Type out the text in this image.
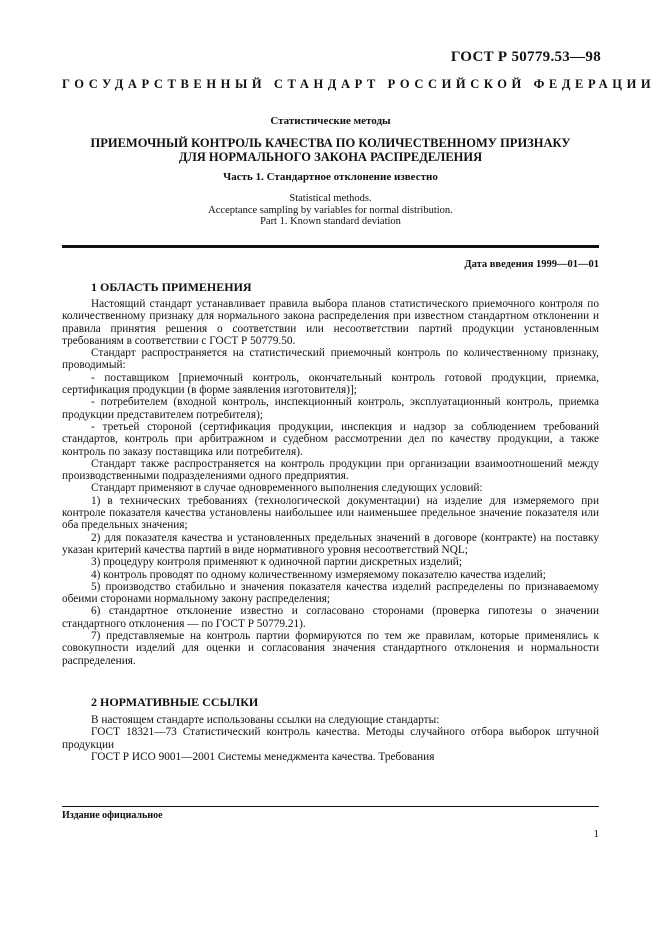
ГОСТ Р 50779.53—98
ГОСУДАРСТВЕННЫЙ СТАНДАРТ РОССИЙСКОЙ ФЕДЕРАЦИИ
Статистические методы
ПРИЕМОЧНЫЙ КОНТРОЛЬ КАЧЕСТВА ПО КОЛИЧЕСТВЕННОМУ ПРИЗНАКУ
ДЛЯ НОРМАЛЬНОГО ЗАКОНА РАСПРЕДЕЛЕНИЯ
Часть 1. Стандартное отклонение известно
Statistical methods.
Acceptance sampling by variables for normal distribution.
Part 1. Known standard deviation
Дата введения 1999—01—01
1 ОБЛАСТЬ ПРИМЕНЕНИЯ

Настоящий стандарт устанавливает правила выбора планов статистического приемочного контроля по количественному признаку для нормального закона распределения при известном стандартном отклонении и правила принятия решения о соответствии или несоответствии партий продукции установленным требованиям в соответствии с ГОСТ Р 50779.50.

Стандарт распространяется на статистический приемочный контроль по количественному признаку, проводимый:

- поставщиком [приемочный контроль, окончательный контроль готовой продукции, приемка, сертификация продукции (в форме заявления изготовителя)];

- потребителем (входной контроль, инспекционный контроль, эксплуатационный контроль, приемка продукции представителем потребителя);

- третьей стороной (сертификация продукции, инспекция и надзор за соблюдением требований стандартов, контроль при арбитражном и судебном рассмотрении дел по качеству продукции, а также контроль по заказу поставщика или потребителя).

Стандарт также распространяется на контроль продукции при организации взаимоотношений между производственными подразделениями одного предприятия.

Стандарт применяют в случае одновременного выполнения следующих условий:

1) в технических требованиях (технологической документации) на изделие для измеряемого при контроле показателя качества установлены наибольшее или наименьшее предельное значение показателя или оба предельных значения;

2) для показателя качества и установленных предельных значений в договоре (контракте) на поставку указан критерий качества партий в виде нормативного уровня несоответствий NQL;

3) процедуру контроля применяют к одиночной партии дискретных изделий;

4) контроль проводят по одному количественному измеряемому показателю качества изделий;

5) производство стабильно и значения показателя качества изделий распределены по признаваемому обеими сторонами нормальному закону распределения;

6) стандартное отклонение известно и согласовано сторонами (проверка гипотезы о значении стандартного отклонения — по ГОСТ Р 50779.21).

7) представляемые на контроль партии формируются по тем же правилам, которые применялись к совокупности изделий для оценки и согласования значения стандартного отклонения и нормальности распределения.

2 НОРМАТИВНЫЕ ССЫЛКИ

В настоящем стандарте использованы ссылки на следующие стандарты:

ГОСТ 18321—73 Статистический контроль качества. Методы случайного отбора выборок штучной продукции

ГОСТ Р ИСО 9001—2001 Системы менеджмента качества. Требования

Издание официальное
1
